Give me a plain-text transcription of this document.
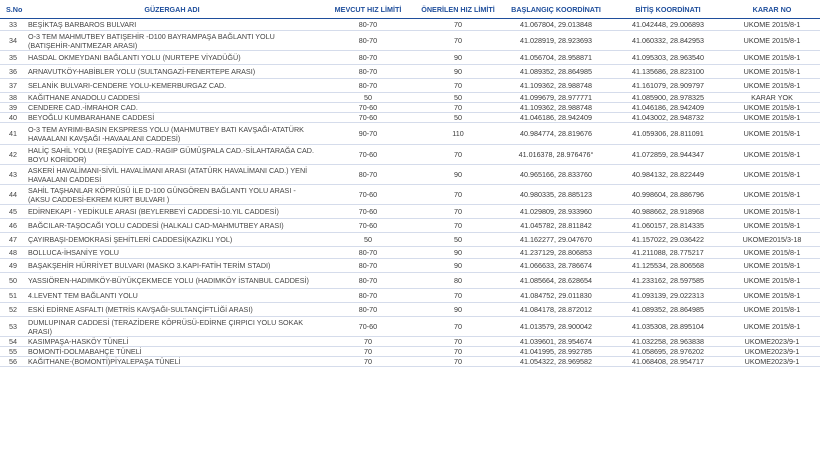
S.No	GÜZERGAH ADI	MEVCUT HIZ LİMİTİ	ÖNERİLEN HIZ LİMİTİ	BAŞLANGIÇ KOORDİNATI	BİTİŞ KOORDİNATI	KARAR NO
33	BEŞİKTAŞ BARBAROS BULVARI	80-70	70	41.067804, 29.013848	41.042448, 29.006893	UKOME 2015/8-1
34	O-3 TEM MAHMUTBEY BATIŞEHİR -D100 BAYRAMPAŞA BAĞLANTI YOLU (BATIŞEHİR-ANITMEZAR ARASI)	80-70	70	41.028919, 28.923693	41.060332, 28.842953	UKOME 2015/8-1
35	HASDAL OKMEYDANI BAĞLANTI YOLU (NURTEPE VİYADÜĞÜ)	80-70	90	41.056704, 28.958871	41.095303, 28.963540	UKOME 2015/8-1
36	ARNAVUTKÖY-HABİBLER YOLU (SULTANGAZİ-FENERTEPE ARASI)	80-70	90	41.089352, 28.864985	41.135686, 28.823100	UKOME 2015/8-1
37	SELANİK BULVARI-CENDERE YOLU-KEMERBURGAZ CAD.	80-70	70	41.109362, 28.988748	41.161079, 28.909797	UKOME 2015/8-1
38	KAĞITHANE ANADOLU CADDESİ	50	50	41.099679, 28.977771	41.085900, 28.978325	KARAR YOK
39	CENDERE CAD.-İMRAHOR CAD.	70-60	70	41.109362, 28.988748	41.046186, 28.942409	UKOME 2015/8-1
40	BEYOĞLU KUMBARAHANE CADDESİ	70-60	50	41.046186, 28.942409	41.043002, 28.948732	UKOME 2015/8-1
41	O-3 TEM AYRIMI-BASIN EKSPRESS YOLU (MAHMUTBEY BATI KAVŞAĞI-ATATÜRK HAVAALANI KAVŞAĞI -HAVAALANI CADDESİ)	90-70	110	40.984774, 28.819676	41.059306, 28.811091	UKOME 2015/8-1
42	HALİÇ SAHİL YOLU (REŞADİYE CAD.-RAGIP GÜMÜŞPALA CAD.-SİLAHTARAĞA CAD. BOYU KORİDOR)	70-60	70	41.016378, 28.976476°	41.072859, 28.944347	UKOME 2015/8-1
43	ASKERİ HAVALİMANI-SİVİL HAVALİMANI ARASI (ATATÜRK HAVALİMANI CAD.) YENİ HAVAALANI CADDESİ	80-70	90	40.965166, 28.833760	40.984132, 28.822449	UKOME 2015/8-1
44	SAHİL TAŞHANLAR KÖPRÜSÜ İLE D-100 GÜNGÖREN BAĞLANTI YOLU ARASI - (AKSU CADDESİ-EKREM KURT BULVARI )	70-60	70	40.980335, 28.885123	40.998604, 28.886796	UKOME 2015/8-1
45	EDİRNEKAPI - YEDİKULE ARASI (BEYLERBEYİ CADDESİ-10.YIL CADDESİ)	70-60	70	41.029809, 28.933960	40.988662, 28.918968	UKOME 2015/8-1
46	BAĞCILAR-TAŞOCAĞI YOLU CADDESİ (HALKALI CAD-MAHMUTBEY ARASI)	70-60	70	41.045782, 28.811842	41.060157, 28.814335	UKOME 2015/8-1
47	ÇAYIRBAŞI-DEMOKRASİ ŞEHİTLERİ CADDESİ(KAZIKLI YOL)	50	50	41.162277, 29.047670	41.157022, 29.036422	UKOME2015/3-18
48	BOLLUCA-İHSANİYE YOLU	80-70	90	41.237129, 28.806853	41.211088, 28.775217	UKOME 2015/8-1
49	BAŞAKŞEHİR HÜRRİYET BULVARI (MASKO 3.KAPI-FATİH TERİM STADI)	80-70	90	41.066633, 28.786674	41.125534, 28.806568	UKOME 2015/8-1
50	YASSIÖREN-HADIMKÖY-BÜYÜKÇEKMECE YOLU (HADIMKÖY İSTANBUL CADDESİ)	80-70	80	41.085664, 28.628654	41.233162, 28.597585	UKOME 2015/8-1
51	4.LEVENT TEM BAĞLANTI YOLU	80-70	70	41.084752, 29.011830	41.093139, 29.022313	UKOME 2015/8-1
52	ESKİ EDİRNE ASFALTI (METRİS KAVŞAĞI-SULTANÇİFTLİĞİ ARASI)	80-70	90	41.084178, 28.872012	41.089352, 28.864985	UKOME 2015/8-1
53	DUMLUPINAR CADDESİ (TERAZİDERE KÖPRÜSÜ-EDİRNE ÇIRPICI YOLU SOKAK ARASI)	70-60	70	41.013579, 28.900042	41.035308, 28.895104	UKOME 2015/8-1
54	KASIMPAŞA-HASKÖY TÜNELİ	70	70	41.039601, 28.954674	41.032258, 28.963838	UKOME2023/9-1
55	BOMONTİ-DOLMABAHÇE TÜNELİ	70	70	41.041995, 28.992785	41.058695, 28.976202	UKOME2023/9-1
56	KAĞITHANE-(BOMONTİ)PİYALEPAŞA TÜNELİ	70	70	41.054322, 28.969582	41.068408, 28.954717	UKOME2023/9-1
